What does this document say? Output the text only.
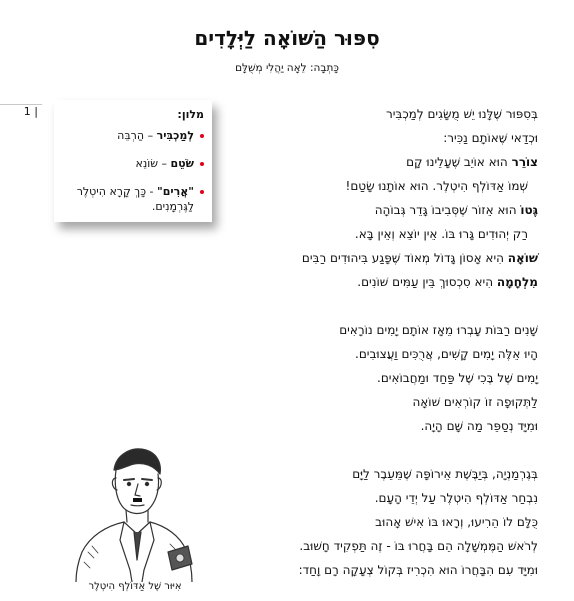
1 |
סִפּוּר הַשּׁוֹאָה לַיְּלָדִים
כָּתְבָה: לֵאָה יַהֲלִי מְשֻׁלָּם
מלון:
לְמַכְבִּיר – הַרְבֵּה
שֹׂטֵם – שׂוֹנֵא
"אֲרִים" - כָּךְ קָרָא הִיטְלֶר לַגֶּרְמָנִים.
בְּסִפּוּר שֶׁלָּנוּ יֵשׁ מֻשָּׂגִים לְמַכְבִּיר
וּכְדַאי שֶׁאוֹתָם נַכִּיר:
צוֹרֵר הוּא אוֹיֵב שֶׁעָלֵינוּ קָם
שְׁמוֹ אַדּוֹלְף הִיטְלֶר. הוּא אוֹתָנוּ שָׂטַם!
גֶּטוֹ הוּא אֵזוֹר שֶׁסְּבִיבוֹ גָּדֵר גְּבוֹהָה
רַק יְהוּדִים גָּרוּ בּוֹ. אֵין יוֹצֵא וְאֵין בָּא.
שׁוֹאָה הִיא אָסוֹן גָּדוֹל מְאוֹד שֶׁפָּגַע בִּיהוּדִים רַבִּים
מִלְחָמָה הִיא סִכְסוּךְ בֵּין עַמִּים שׁוֹנִים.
שָׁנִים רַבּוֹת עָבְרוּ מֵאָז אוֹתָם יָמִים נוֹרָאִים
הָיוּ אֵלֶּה יָמִים קָשִׁים, אֲרֻכִּים וַעֲצוּבִים.
יָמִים שֶׁל בֶּכִי שֶׁל פַּחַד וּמַחֲבוֹאִים.
לַתְּקוּפָה זוֹ קוֹרְאִים שׁוֹאָה
וּמִיָּד נְסַפֵּר מַה שָּׁם הָיָה.
בְּגֶרְמַנְיָה, בְּיַבֶּשֶׁת אֵירוֹפָּה שֶׁמֵּעֵבֶר לַיָּם
נִבְחַר אַדּוֹלְף הִיטְלֶר עַל יְדֵי הָעָם.
כֻּלָּם לוֹ הֵרִיעוּ, וְרָאוּ בּוֹ אִישׁ אָהוּב
לְרֹאשׁ הַמֶּמְשָׁלָה הֵם בָּחֲרוּ בּוֹ - זֶה תַּפְקִיד חָשׁוּב.
וּמִיָּד עִם הִבָּחֲרוֹ הוּא הִכְרִיז בְּקוֹל צְעָקָה רָם וָחַד:
אִיּוּר שֶׁל אַדּוֹלְף הִיטְלֶר
